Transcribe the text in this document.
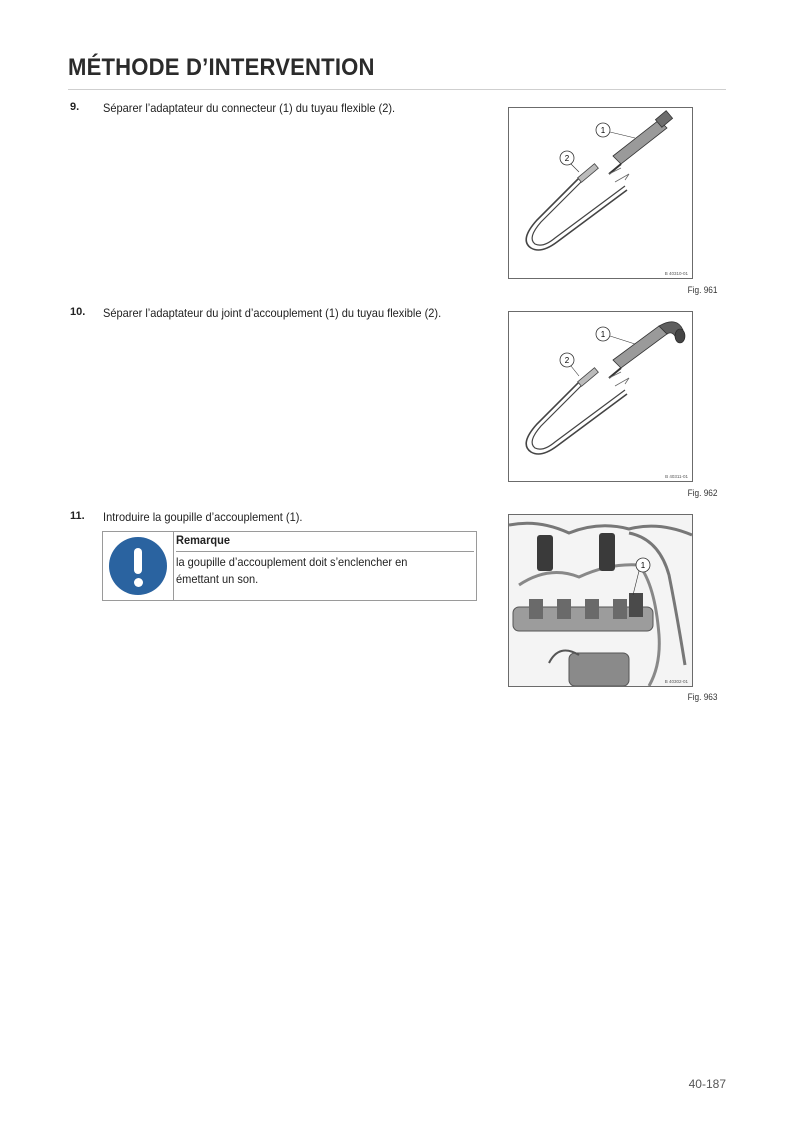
MÉTHODE D’INTERVENTION
9. Séparer l’adaptateur du connecteur (1) du tuyau flexible (2).
1
2
B 40310-01
Fig. 961
10. Séparer l’adaptateur du joint d’accouplement (1) du tuyau flexible (2).
1
2
B 40311-01
Fig. 962
11. Introduire la goupille d’accouplement (1).
Remarque
la goupille d’accouplement doit s’enclencher en émettant un son.
1
B 40302-01
Fig. 963
40-187
